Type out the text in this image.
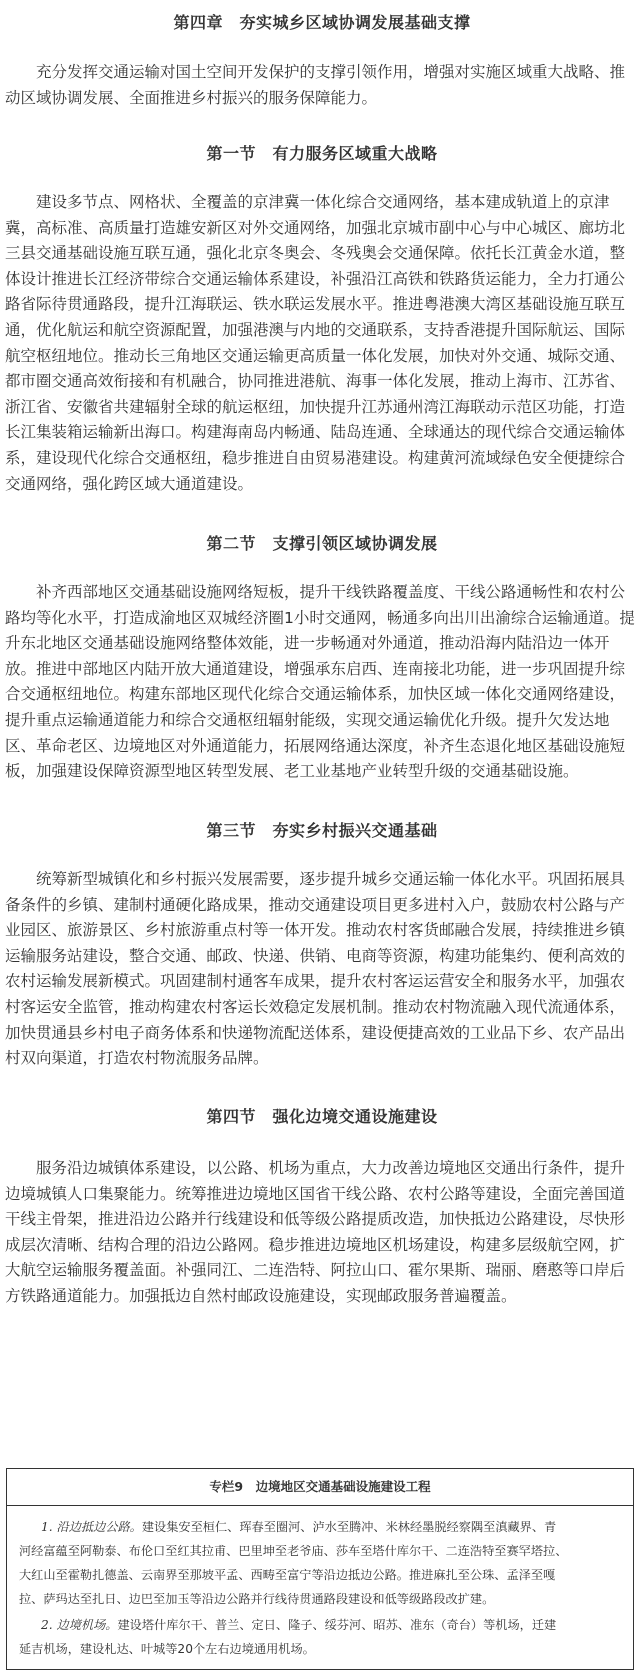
第四章　夯实城乡区域协调发展基础支撑
充分发挥交通运输对国土空间开发保护的支撑引领作用，增强对实施区域重大战略、推
动区域协调发展、全面推进乡村振兴的服务保障能力。
第一节　有力服务区域重大战略
建设多节点、网格状、全覆盖的京津冀一体化综合交通网络，基本建成轨道上的京津
冀，高标准、高质量打造雄安新区对外交通网络，加强北京城市副中心与中心城区、廊坊北
三县交通基础设施互联互通，强化北京冬奥会、冬残奥会交通保障。依托长江黄金水道，整
体设计推进长江经济带综合交通运输体系建设，补强沿江高铁和铁路货运能力，全力打通公
路省际待贯通路段，提升江海联运、铁水联运发展水平。推进粤港澳大湾区基础设施互联互
通，优化航运和航空资源配置，加强港澳与内地的交通联系，支持香港提升国际航运、国际
航空枢纽地位。推动长三角地区交通运输更高质量一体化发展，加快对外交通、城际交通、
都市圈交通高效衔接和有机融合，协同推进港航、海事一体化发展，推动上海市、江苏省、
浙江省、安徽省共建辐射全球的航运枢纽，加快提升江苏通州湾江海联动示范区功能，打造
长江集装箱运输新出海口。构建海南岛内畅通、陆岛连通、全球通达的现代综合交通运输体
系，建设现代化综合交通枢纽，稳步推进自由贸易港建设。构建黄河流域绿色安全便捷综合
交通网络，强化跨区域大通道建设。
第二节　支撑引领区域协调发展
补齐西部地区交通基础设施网络短板，提升干线铁路覆盖度、干线公路通畅性和农村公
路均等化水平，打造成渝地区双城经济圈1小时交通网，畅通多向出川出渝综合运输通道。提
升东北地区交通基础设施网络整体效能，进一步畅通对外通道，推动沿海内陆沿边一体开
放。推进中部地区内陆开放大通道建设，增强承东启西、连南接北功能，进一步巩固提升综
合交通枢纽地位。构建东部地区现代化综合交通运输体系，加快区域一体化交通网络建设，
提升重点运输通道能力和综合交通枢纽辐射能级，实现交通运输优化升级。提升欠发达地
区、革命老区、边境地区对外通道能力，拓展网络通达深度，补齐生态退化地区基础设施短
板，加强建设保障资源型地区转型发展、老工业基地产业转型升级的交通基础设施。
第三节　夯实乡村振兴交通基础
统筹新型城镇化和乡村振兴发展需要，逐步提升城乡交通运输一体化水平。巩固拓展具
备条件的乡镇、建制村通硬化路成果，推动交通建设项目更多进村入户，鼓励农村公路与产
业园区、旅游景区、乡村旅游重点村等一体开发。推动农村客货邮融合发展，持续推进乡镇
运输服务站建设，整合交通、邮政、快递、供销、电商等资源，构建功能集约、便利高效的
农村运输发展新模式。巩固建制村通客车成果，提升农村客运运营安全和服务水平，加强农
村客运安全监管，推动构建农村客运长效稳定发展机制。推动农村物流融入现代流通体系，
加快贯通县乡村电子商务体系和快递物流配送体系，建设便捷高效的工业品下乡、农产品出
村双向渠道，打造农村物流服务品牌。
第四节　强化边境交通设施建设
服务沿边城镇体系建设，以公路、机场为重点，大力改善边境地区交通出行条件，提升
边境城镇人口集聚能力。统筹推进边境地区国省干线公路、农村公路等建设，全面完善国道
干线主骨架，推进沿边公路并行线建设和低等级公路提质改造，加快抵边公路建设，尽快形
成层次清晰、结构合理的沿边公路网。稳步推进边境地区机场建设，构建多层级航空网，扩
大航空运输服务覆盖面。补强同江、二连浩特、阿拉山口、霍尔果斯、瑞丽、磨憨等口岸后
方铁路通道能力。加强抵边自然村邮政设施建设，实现邮政服务普遍覆盖。
专栏9　边境地区交通基础设施建设工程
1. 沿边抵边公路。建设集安至桓仁、珲春至圈河、泸水至腾冲、米林经墨脱经察隅至滇藏界、青
河经富蕴至阿勒泰、布伦口至红其拉甫、巴里坤至老爷庙、莎车至塔什库尔干、二连浩特至赛罕塔拉、
大红山至霍勒扎德盖、云南界至那坡平孟、西畴至富宁等沿边抵边公路。推进麻扎至公珠、孟泽至嘎
拉、萨玛达至扎日、边巴至加玉等沿边公路并行线待贯通路段建设和低等级路段改扩建。
2. 边境机场。建设塔什库尔干、普兰、定日、隆子、绥芬河、昭苏、准东（奇台）等机场，迁建
延吉机场，建设札达、叶城等20个左右边境通用机场。
